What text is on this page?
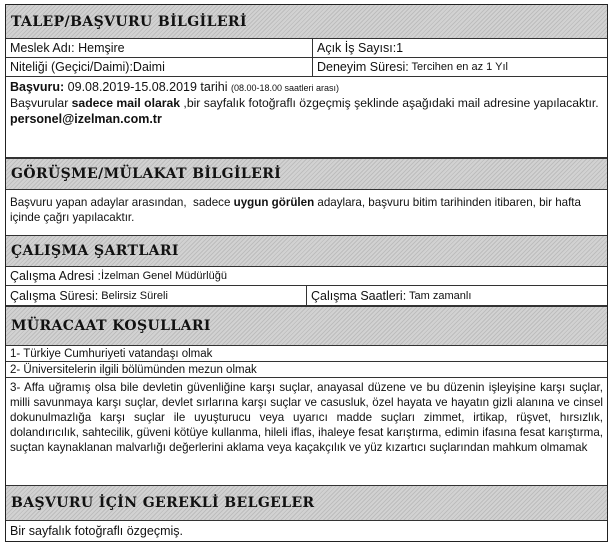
TALEP/BAŞVURU BİLGİLERİ
Meslek Adı: Hemşire	Açık İş Sayısı:1
Niteliği (Geçici/Daimi):Daimi	Deneyim Süresi: Tercihen en az 1 Yıl
Başvuru: 09.08.2019-15.08.2019 tarihi (08.00-18.00 saatleri arası)
Başvurular sadece mail olarak ,bir sayfalık fotoğraflı özgeçmiş şeklinde aşağıdaki mail adresine yapılacaktır.
personel@izelman.com.tr
GÖRÜŞME/MÜLAKAT BİLGİLERİ
Başvuru yapan adaylar arasından,  sadece uygun görülen adaylara, başvuru bitim tarihinden itibaren, bir hafta içinde çağrı yapılacaktır.
ÇALIŞMA ŞARTLARI
Çalışma Adresi : İzelman Genel Müdürlüğü
Çalışma Süresi: Belirsiz Süreli	Çalışma Saatleri: Tam zamanlı
MÜRACAAT KOŞULLARI
1- Türkiye Cumhuriyeti vatandaşı olmak
2- Üniversitelerin ilgili bölümünden mezun olmak
3- Affa uğramış olsa bile devletin güvenliğine karşı suçlar, anayasal düzene ve bu düzenin işleyişine karşı suçlar, milli savunmaya karşı suçlar, devlet sırlarına karşı suçlar ve casusluk, özel hayata ve hayatın gizli alanına ve cinsel dokunulmazlığa karşı suçlar ile uyuşturucu veya uyarıcı madde suçları zimmet, irtikap, rüşvet, hırsızlık, dolandırıcılık, sahtecilik, güveni kötüye kullanma, hileli iflas, ihaleye fesat karıştırma, edimin ifasına fesat karıştırma, suçtan kaynaklanan malvarlığı değerlerini aklama veya kaçakçılık ve yüz kızartıcı suçlarından mahkum olmamak
BAŞVURU İÇİN GEREKLİ BELGELER
Bir sayfalık fotoğraflı özgeçmiş.
